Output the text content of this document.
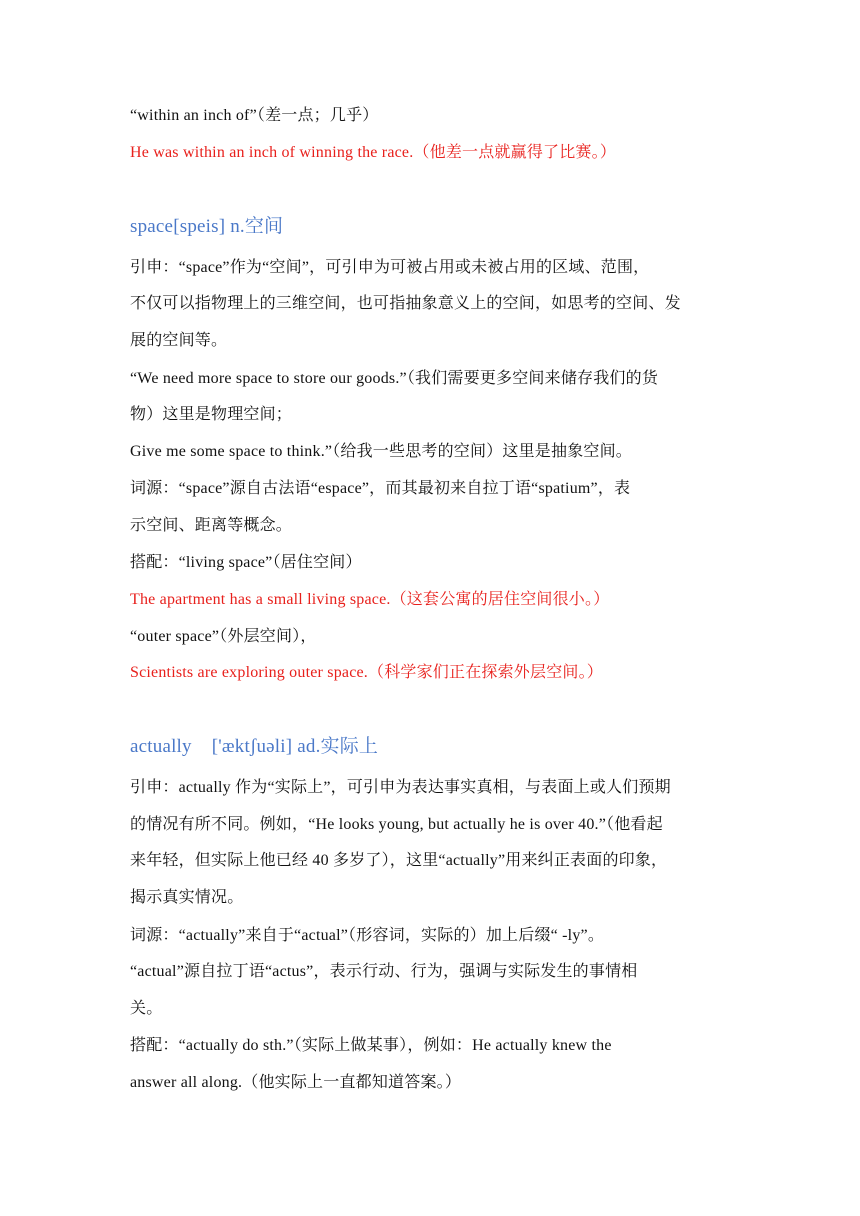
“within an inch of”（差一点；几乎）
He was within an inch of winning the race.（他差一点就赢得了比赛。）
space[speis] n.空间
引申：“space”作为“空间”，可引申为可被占用或未被占用的区域、范围，
不仅可以指物理上的三维空间，也可指抽象意义上的空间，如思考的空间、发
展的空间等。
“We need more space to store our goods.”（我们需要更多空间来储存我们的货
物）这里是物理空间；
Give me some space to think.”（给我一些思考的空间）这里是抽象空间。
词源：“space”源自古法语“espace”，而其最初来自拉丁语“spatium”，表
示空间、距离等概念。
搭配：“living space”（居住空间）
The apartment has a small living space.（这套公寓的居住空间很小。）
“outer space”（外层空间），
Scientists are exploring outer space.（科学家们正在探索外层空间。）
actually ['æktʃuəli] ad.实际上
引申：actually 作为“实际上”，可引申为表达事实真相，与表面上或人们预期
的情况有所不同。例如，“He looks young, but actually he is over 40.”（他看起
来年轻，但实际上他已经 40 多岁了），这里“actually”用来纠正表面的印象，
揭示真实情况。
词源：“actually”来自于“actual”（形容词，实际的）加上后缀“ -ly”。
“actual”源自拉丁语“actus”，表示行动、行为，强调与实际发生的事情相
关。
搭配：“actually do sth.”（实际上做某事），例如：He actually knew the
answer all along.（他实际上一直都知道答案。）
